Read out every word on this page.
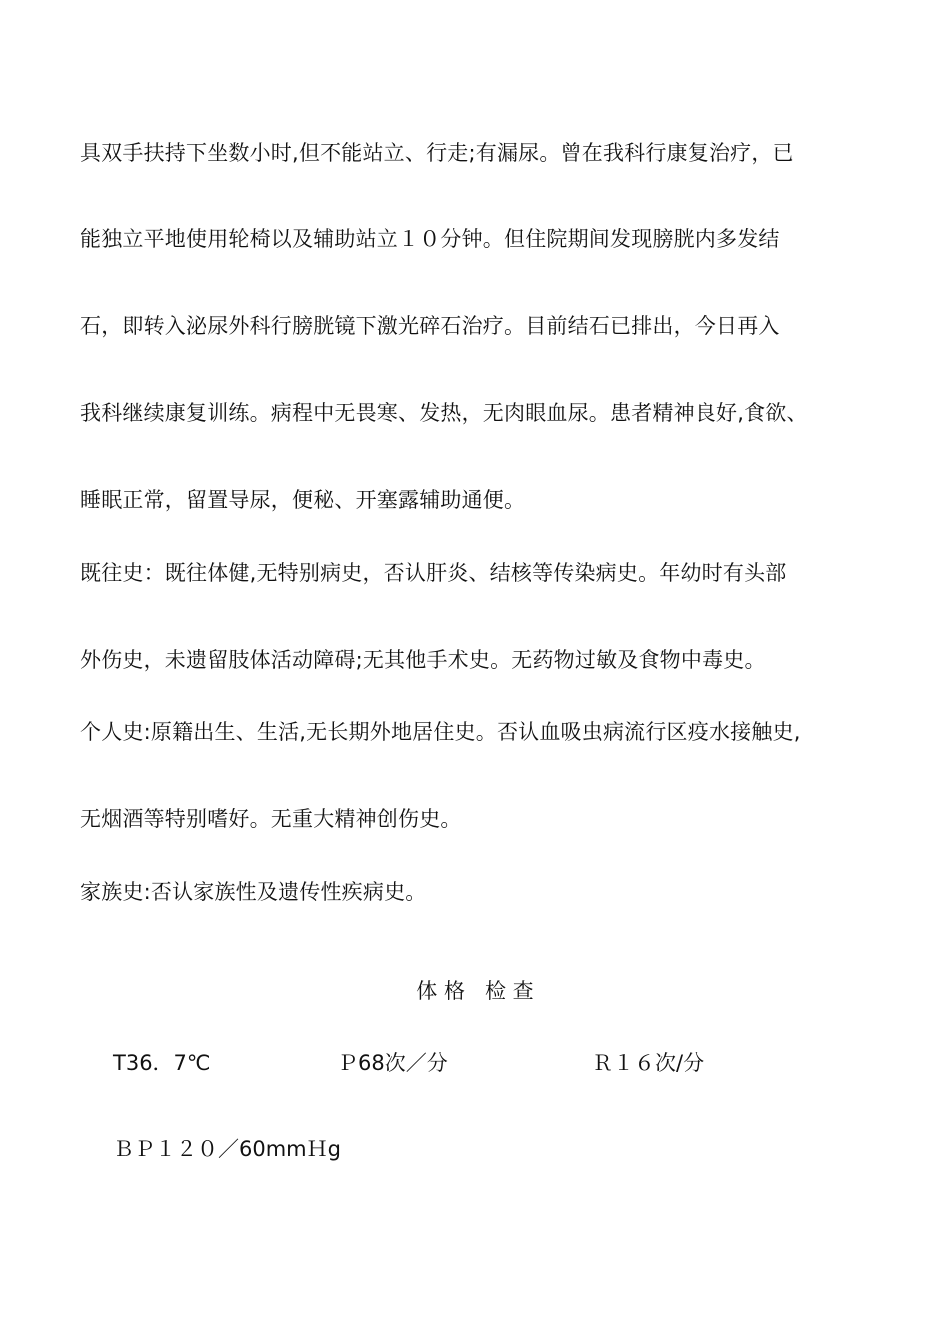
具双手扶持下坐数小时,但不能站立、行走;有漏尿。曾在我科行康复治疗，已
能独立平地使用轮椅以及辅助站立１０分钟。但住院期间发现膀胱内多发结
石，即转入泌尿外科行膀胱镜下激光碎石治疗。目前结石已排出，今日再入
我科继续康复训练。病程中无畏寒、发热，无肉眼血尿。患者精神良好,食欲、
睡眠正常，留置导尿，便秘、开塞露辅助通便。
既往史：既往体健,无特别病史，否认肝炎、结核等传染病史。年幼时有头部
外伤史，未遗留肢体活动障碍;无其他手术史。无药物过敏及食物中毒史。
个人史:原籍出生、生活,无长期外地居住史。否认血吸虫病流行区疫水接触史,
无烟酒等特别嗜好。无重大精神创伤史。
家族史:否认家族性及遗传性疾病史。
体 格   检 查
T36．7℃	Ｐ68次／分	Ｒ１６次/分
ＢＰ１２０／60mmＨg
